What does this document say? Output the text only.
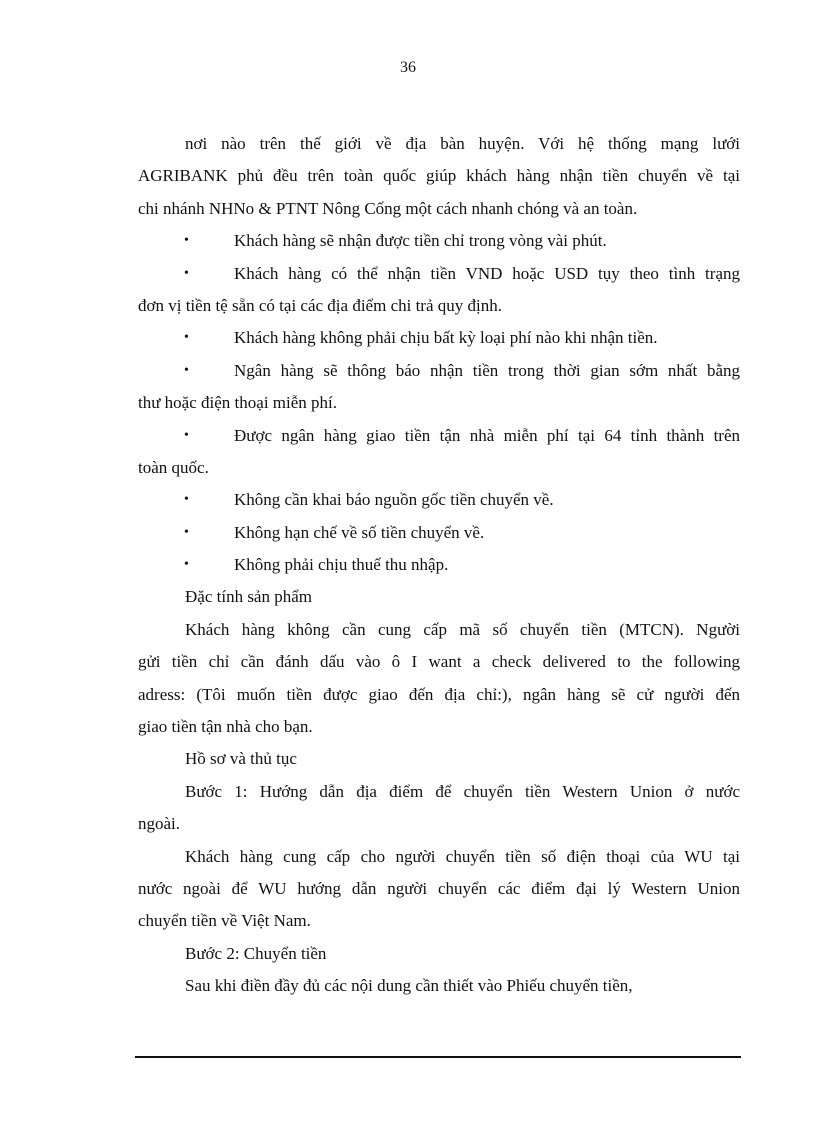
36
nơi nào trên thế giới về địa bàn huyện. Với hệ thống mạng lưới
AGRIBANK phủ đều trên toàn quốc giúp khách hàng nhận tiền chuyển về tại
chi nhánh NHNo & PTNT Nông Cống một cách nhanh chóng và an toàn.
•	Khách hàng sẽ nhận được tiền chỉ trong vòng vài phút.
•	Khách hàng có thể nhận tiền VND hoặc USD tụy theo tình trạng
đơn vị tiền tệ sẵn có tại các địa điểm chi trả quy định.
•	Khách hàng không phải chịu bất kỳ loại phí nào khi nhận tiền.
•	Ngân hàng sẽ thông báo nhận tiền trong thời gian sớm nhất bằng
thư hoặc điện thoại miễn phí.
•	Được ngân hàng giao tiền tận nhà miễn phí tại 64 tỉnh thành trên
toàn quốc.
•	Không cần khai báo nguồn gốc tiền chuyển về.
•	Không hạn chế về số tiền chuyển về.
•	Không phải chịu thuế thu nhập.
Đặc tính sản phẩm
Khách hàng không cần cung cấp mã số chuyển tiền (MTCN). Người
gửi tiền chỉ cần đánh dấu vào ô I want a check delivered to the following
adress: (Tôi muốn tiền được giao đến địa chỉ:), ngân hàng sẽ cử người đến
giao tiền tận nhà cho bạn.
Hồ sơ và thủ tục
Bước 1: Hướng dẫn địa điểm để chuyển tiền Western Union ở nước
ngoài.
Khách hàng cung cấp cho người chuyển tiền số điện thoại của WU tại
nước ngoài để WU hướng dẫn người chuyển các điểm đại lý Western Union
chuyển tiền về Việt Nam.
Bước 2: Chuyển tiền
Sau khi điền đầy đủ các nội dung cần thiết vào Phiếu chuyển tiền,
